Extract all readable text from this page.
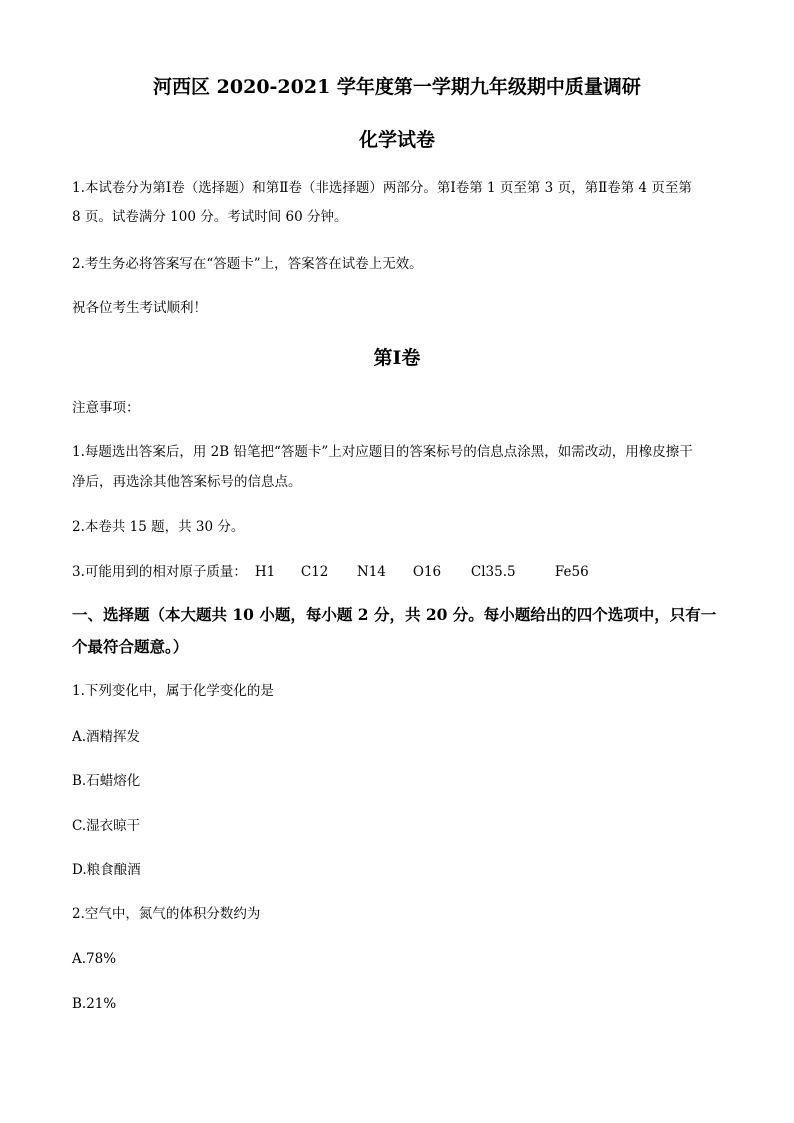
河西区 2020-2021 学年度第一学期九年级期中质量调研
化学试卷
1.本试卷分为第Ⅰ卷（选择题）和第Ⅱ卷（非选择题）两部分。第Ⅰ卷第 1 页至第 3 页，第Ⅱ卷第 4 页至第
8 页。试卷满分 100 分。考试时间 60 分钟。
2.考生务必将答案写在“答题卡”上，答案答在试卷上无效。
祝各位考生考试顺利！
第Ⅰ卷
注意事项：
1.每题选出答案后，用 2B 铅笔把“答题卡”上对应题目的答案标号的信息点涂黑，如需改动，用橡皮擦干
净后，再选涂其他答案标号的信息点。
2.本卷共 15 题，共 30 分。
3.可能用到的相对原子质量： H1 C12 N14 O16 Cl35.5	Fe56
一、选择题（本大题共 10 小题，每小题 2 分，共 20 分。每小题给出的四个选项中，只有一
个最符合题意。）
1.下列变化中，属于化学变化的是
A.酒精挥发
B.石蜡熔化
C.湿衣晾干
D.粮食酿酒
2.空气中，氮气的体积分数约为
A.78%
B.21%
